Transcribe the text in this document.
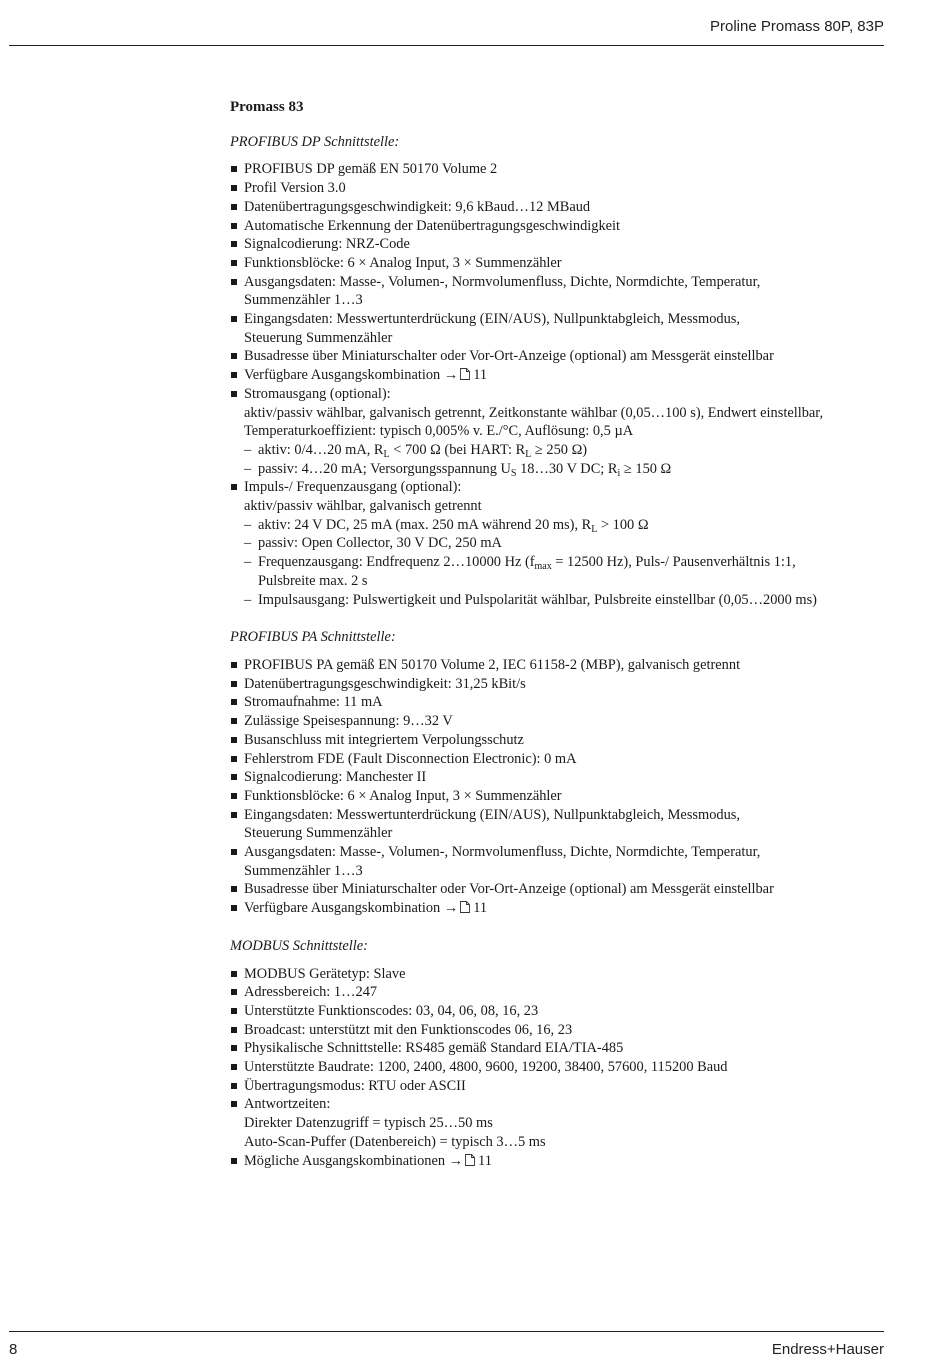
Proline Promass 80P, 83P
Promass 83
PROFIBUS DP Schnittstelle:
PROFIBUS DP gemäß EN 50170 Volume 2
Profil Version 3.0
Datenübertragungsgeschwindigkeit: 9,6 kBaud…12 MBaud
Automatische Erkennung der Datenübertragungsgeschwindigkeit
Signalcodierung: NRZ-Code
Funktionsblöcke: 6 × Analog Input, 3 × Summenzähler
Ausgangsdaten: Masse-, Volumen-, Normvolumenfluss, Dichte, Normdichte, Temperatur,
Summenzähler 1…3
Eingangsdaten: Messwertunterdrückung (EIN/AUS), Nullpunktabgleich, Messmodus,
Steuerung Summenzähler
Busadresse über Miniaturschalter oder Vor-Ort-Anzeige (optional) am Messgerät einstellbar
Verfügbare Ausgangskombination → 11
Stromausgang (optional):
aktiv/passiv wählbar, galvanisch getrennt, Zeitkonstante wählbar (0,05…100 s), Endwert einstellbar,
Temperaturkoeffizient: typisch 0,005% v. E./°C, Auflösung: 0,5 µA
– aktiv: 0/4…20 mA, $R_L < 700$ Ω (bei HART: $R_L \ge 250$ Ω)
– passiv: 4…20 mA; Versorgungsspannung $U_S$ 18…30 V DC; $R_i \ge 150$ Ω
Impuls-/ Frequenzausgang (optional):
aktiv/passiv wählbar, galvanisch getrennt
– aktiv: 24 V DC, 25 mA (max. 250 mA während 20 ms), $R_L > 100$ Ω
– passiv: Open Collector, 30 V DC, 250 mA
– Frequenzausgang: Endfrequenz 2…10000 Hz ($f_{max} = 12500$ Hz), Puls-/ Pausenverhältnis 1:1,
Pulsbreite max. 2 s
– Impulsausgang: Pulswertigkeit und Pulspolarität wählbar, Pulsbreite einstellbar (0,05…2000 ms)
PROFIBUS PA Schnittstelle:
PROFIBUS PA gemäß EN 50170 Volume 2, IEC 61158-2 (MBP), galvanisch getrennt
Datenübertragungsgeschwindigkeit: 31,25 kBit/s
Stromaufnahme: 11 mA
Zulässige Speisespannung: 9…32 V
Busanschluss mit integriertem Verpolungsschutz
Fehlerstrom FDE (Fault Disconnection Electronic): 0 mA
Signalcodierung: Manchester II
Funktionsblöcke: 6 × Analog Input, 3 × Summenzähler
Eingangsdaten: Messwertunterdrückung (EIN/AUS), Nullpunktabgleich, Messmodus,
Steuerung Summenzähler
Ausgangsdaten: Masse-, Volumen-, Normvolumenfluss, Dichte, Normdichte, Temperatur,
Summenzähler 1…3
Busadresse über Miniaturschalter oder Vor-Ort-Anzeige (optional) am Messgerät einstellbar
Verfügbare Ausgangskombination → 11
MODBUS Schnittstelle:
MODBUS Gerätetyp: Slave
Adressbereich: 1…247
Unterstützte Funktionscodes: 03, 04, 06, 08, 16, 23
Broadcast: unterstützt mit den Funktionscodes 06, 16, 23
Physikalische Schnittstelle: RS485 gemäß Standard EIA/TIA-485
Unterstützte Baudrate: 1200, 2400, 4800, 9600, 19200, 38400, 57600, 115200 Baud
Übertragungsmodus: RTU oder ASCII
Antwortzeiten:
Direkter Datenzugriff = typisch 25…50 ms
Auto-Scan-Puffer (Datenbereich) = typisch 3…5 ms
Mögliche Ausgangskombinationen → 11
8	Endress+Hauser
